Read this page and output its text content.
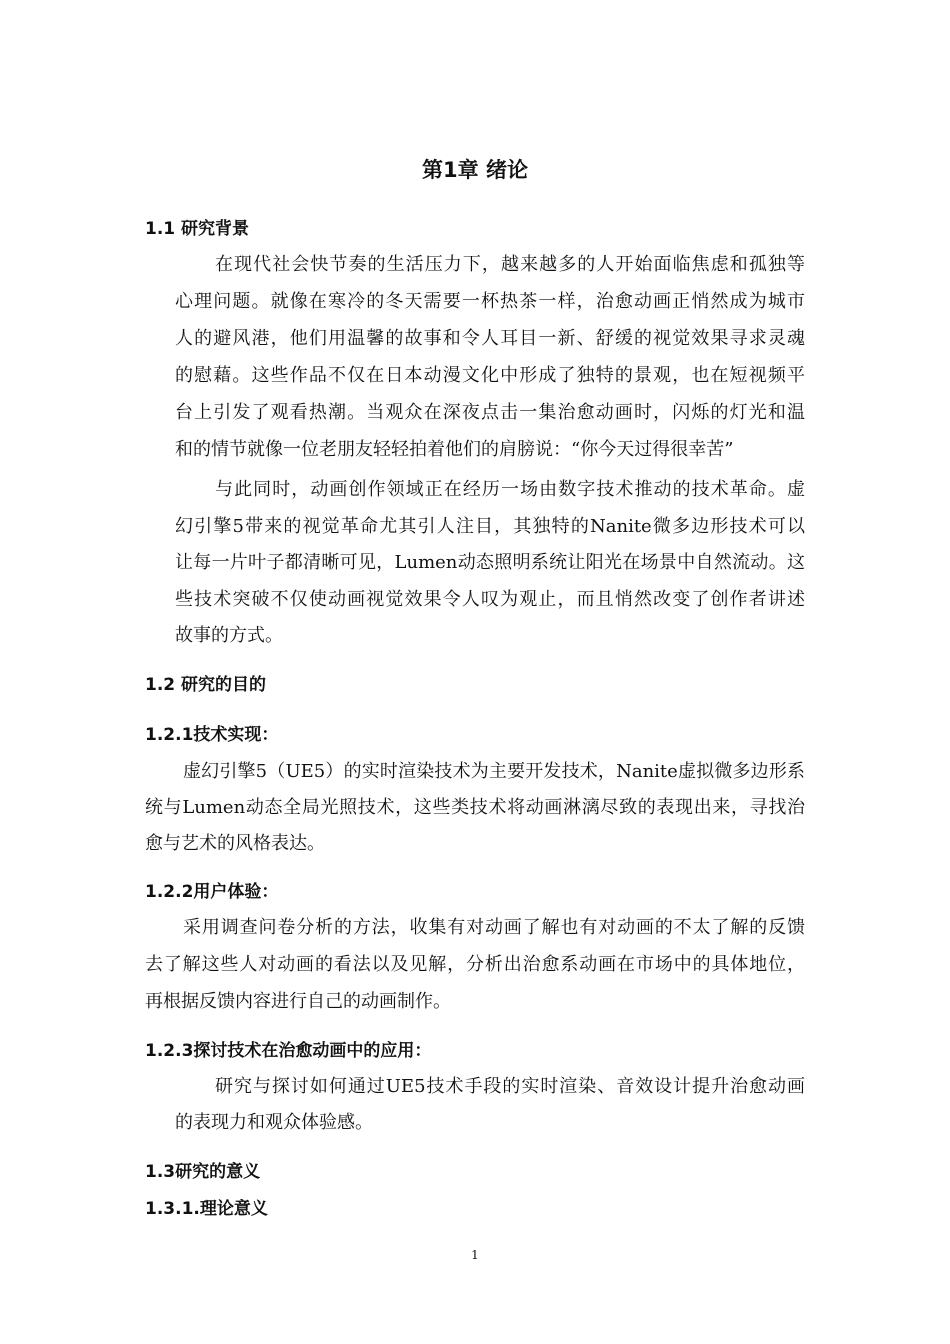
第1章 绪论
1.1 研究背景
在现代社会快节奏的生活压力下，越来越多的人开始面临焦虑和孤独等
心理问题。就像在寒冷的冬天需要一杯热茶一样，治愈动画正悄然成为城市
人的避风港，他们用温馨的故事和令人耳目一新、舒缓的视觉效果寻求灵魂
的慰藉。这些作品不仅在日本动漫文化中形成了独特的景观，也在短视频平
台上引发了观看热潮。当观众在深夜点击一集治愈动画时，闪烁的灯光和温
和的情节就像一位老朋友轻轻拍着他们的肩膀说：“你今天过得很幸苦”
与此同时，动画创作领域正在经历一场由数字技术推动的技术革命。虚
幻引擎5带来的视觉革命尤其引人注目，其独特的Nanite微多边形技术可以
让每一片叶子都清晰可见，Lumen动态照明系统让阳光在场景中自然流动。这
些技术突破不仅使动画视觉效果令人叹为观止，而且悄然改变了创作者讲述
故事的方式。
1.2 研究的目的
1.2.1技术实现：
虚幻引擎5（UE5）的实时渲染技术为主要开发技术，Nanite虚拟微多边形系
统与Lumen动态全局光照技术，这些类技术将动画淋漓尽致的表现出来，寻找治
愈与艺术的风格表达。
1.2.2用户体验：
采用调查问卷分析的方法，收集有对动画了解也有对动画的不太了解的反馈
去了解这些人对动画的看法以及见解，分析出治愈系动画在市场中的具体地位，
再根据反馈内容进行自己的动画制作。
1.2.3探讨技术在治愈动画中的应用：
研究与探讨如何通过UE5技术手段的实时渲染、音效设计提升治愈动画
的表现力和观众体验感。
1.3研究的意义
1.3.1.理论意义
1
